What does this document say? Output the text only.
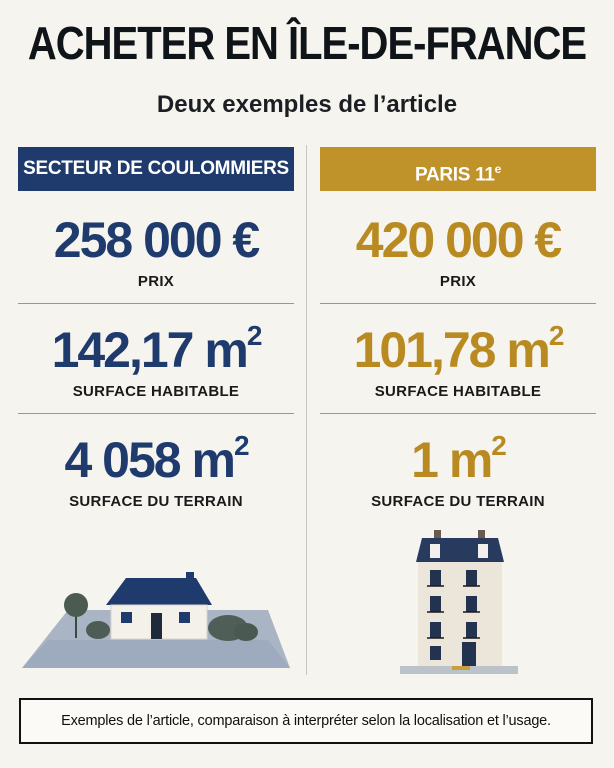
ACHETER EN ÎLE-DE-FRANCE
Deux exemples de l’article
SECTEUR DE COULOMMIERS
258 000 €
PRIX
142,17 $m^2$
SURFACE HABITABLE
4 058 $m^2$
SURFACE DU TERRAIN
PARIS 11e
420 000 €
PRIX
101,78 $m^2$
SURFACE HABITABLE
1 $m^2$
SURFACE DU TERRAIN
Exemples de l’article, comparaison à interpréter selon la localisation et l’usage.
